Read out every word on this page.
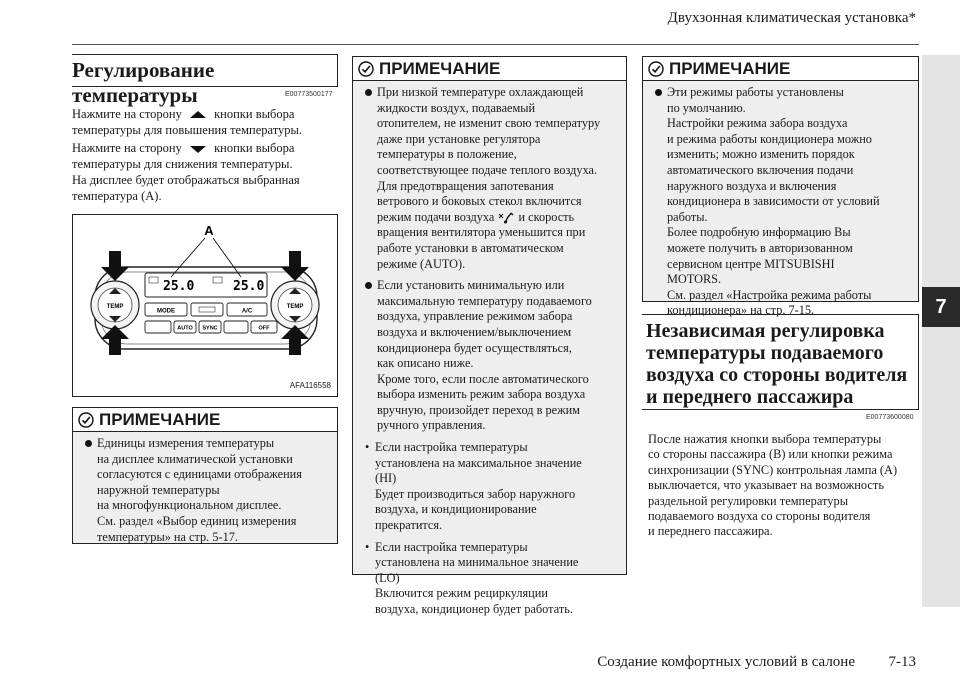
Двухзонная климатическая установка*
7
Регулирование температуры	E00773500177
Нажмите на сторону	кнопки выбора
температуры для повышения температуры.
Нажмите на сторону	кнопки выбора
температуры для снижения температуры.
На дисплее будет отображаться выбранная
температура (A).
TEMP	TEMP
25.0	25.0
MODE	A/C
AUTO SYNC	OFF
A
AFA116558
ПРИМЕЧАНИЕ
Единицы измерения температуры
на дисплее климатической установки
согласуются с единицами отображения
наружной температуры
на многофункциональном дисплее.
См. раздел «Выбор единиц измерения
температуры» на стр. 5-17.
ПРИМЕЧАНИЕ
При низкой температуре охлаждающей
жидкости воздух, подаваемый
отопителем, не изменит свою температуру
даже при установке регулятора
температуры в положение,
соответствующее подаче теплого воздуха.
Для предотвращения запотевания
ветрового и боковых стекол включится
режим подачи воздуха и скорость
вращения вентилятора уменьшится при
работе установки в автоматическом
режиме (AUTO).
Если установить минимальную или
максимальную температуру подаваемого
воздуха, управление режимом забора
воздуха и включением/выключением
кондиционера будет осуществляться,
как описано ниже.
Кроме того, если после автоматического
выбора изменить режим забора воздуха
вручную, произойдет переход в режим
ручного управления.
• Если настройка температуры
установлена на максимальное значение
(HI)
Будет производиться забор наружного
воздуха, и кондиционирование
прекратится.
• Если настройка температуры
установлена на минимальное значение
(LO)
Включится режим рециркуляции
воздуха, кондиционер будет работать.
ПРИМЕЧАНИЕ
Эти режимы работы установлены
по умолчанию.
Настройки режима забора воздуха
и режима работы кондиционера можно
изменить; можно изменить порядок
автоматического включения подачи
наружного воздуха и включения
кондиционера в зависимости от условий
работы.
Более подробную информацию Вы
можете получить в авторизованном
сервисном центре MITSUBISHI
MOTORS.
См. раздел «Настройка режима работы
кондиционера» на стр. 7-15.
Независимая регулировка
температуры подаваемого
воздуха со стороны водителя
и переднего пассажира
E00773600080
После нажатия кнопки выбора температуры
со стороны пассажира (B) или кнопки режима
синхронизации (SYNC) контрольная лампа (A)
выключается, что указывает на возможность
раздельной регулировки температуры
подаваемого воздуха со стороны водителя
и переднего пассажира.
Создание комфортных условий в салоне 7-13
